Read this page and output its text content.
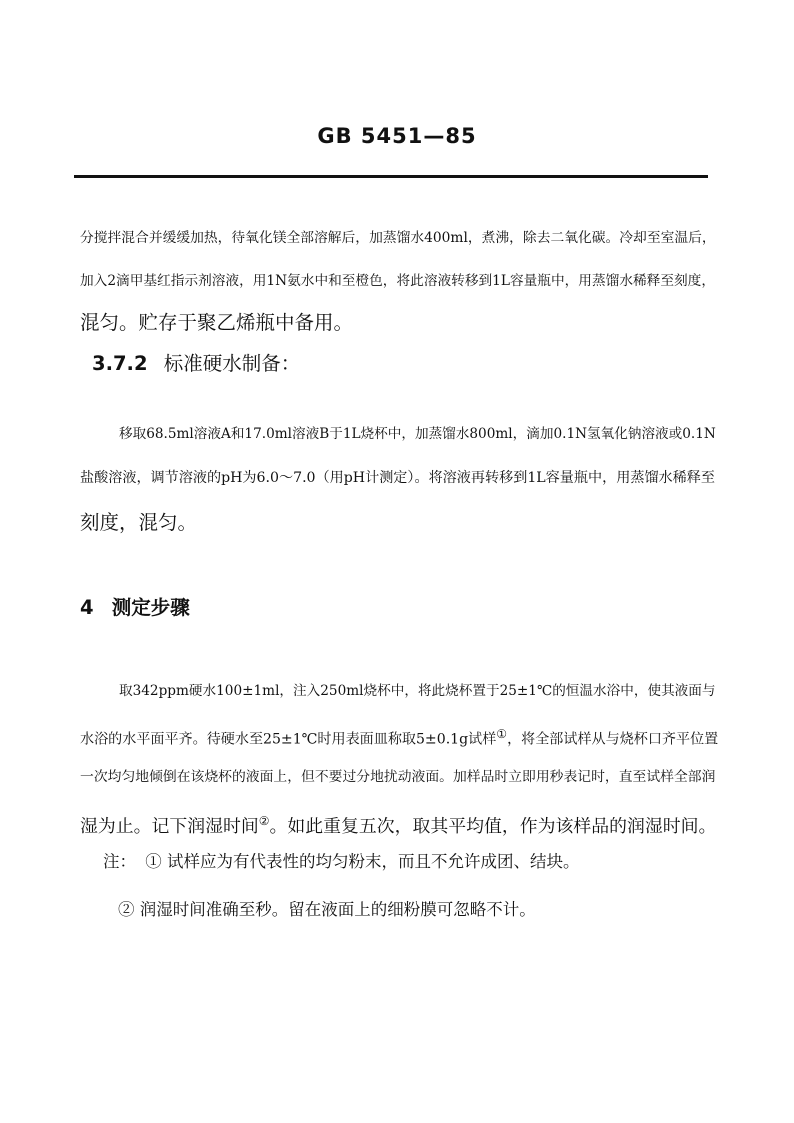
GB 5451—85
分搅拌混合并缓缓加热，待氧化镁全部溶解后，加蒸馏水400ml，煮沸，除去二氧化碳。冷却至室温后，
加入2滴甲基红指示剂溶液，用1N氨水中和至橙色，将此溶液转移到1L容量瓶中，用蒸馏水稀释至刻度，
混匀。贮存于聚乙烯瓶中备用。
3.7.2 标准硬水制备：
移取68.5ml溶液A和17.0ml溶液B于1L烧杯中，加蒸馏水800ml，滴加0.1N氢氧化钠溶液或0.1N
盐酸溶液，调节溶液的pH为6.0～7.0（用pH计测定）。将溶液再转移到1L容量瓶中，用蒸馏水稀释至
刻度，混匀。
4 测定步骤
取342ppm硬水100±1ml，注入250ml烧杯中，将此烧杯置于25±1℃的恒温水浴中，使其液面与
水浴的水平面平齐。待硬水至25±1℃时用表面皿称取5±0.1g试样①，将全部试样从与烧杯口齐平位置
一次均匀地倾倒在该烧杯的液面上，但不要过分地扰动液面。加样品时立即用秒表记时，直至试样全部润
湿为止。记下润湿时间②。如此重复五次，取其平均值，作为该样品的润湿时间。
注： ① 试样应为有代表性的均匀粉末，而且不允许成团、结块。
② 润湿时间准确至秒。留在液面上的细粉膜可忽略不计。
